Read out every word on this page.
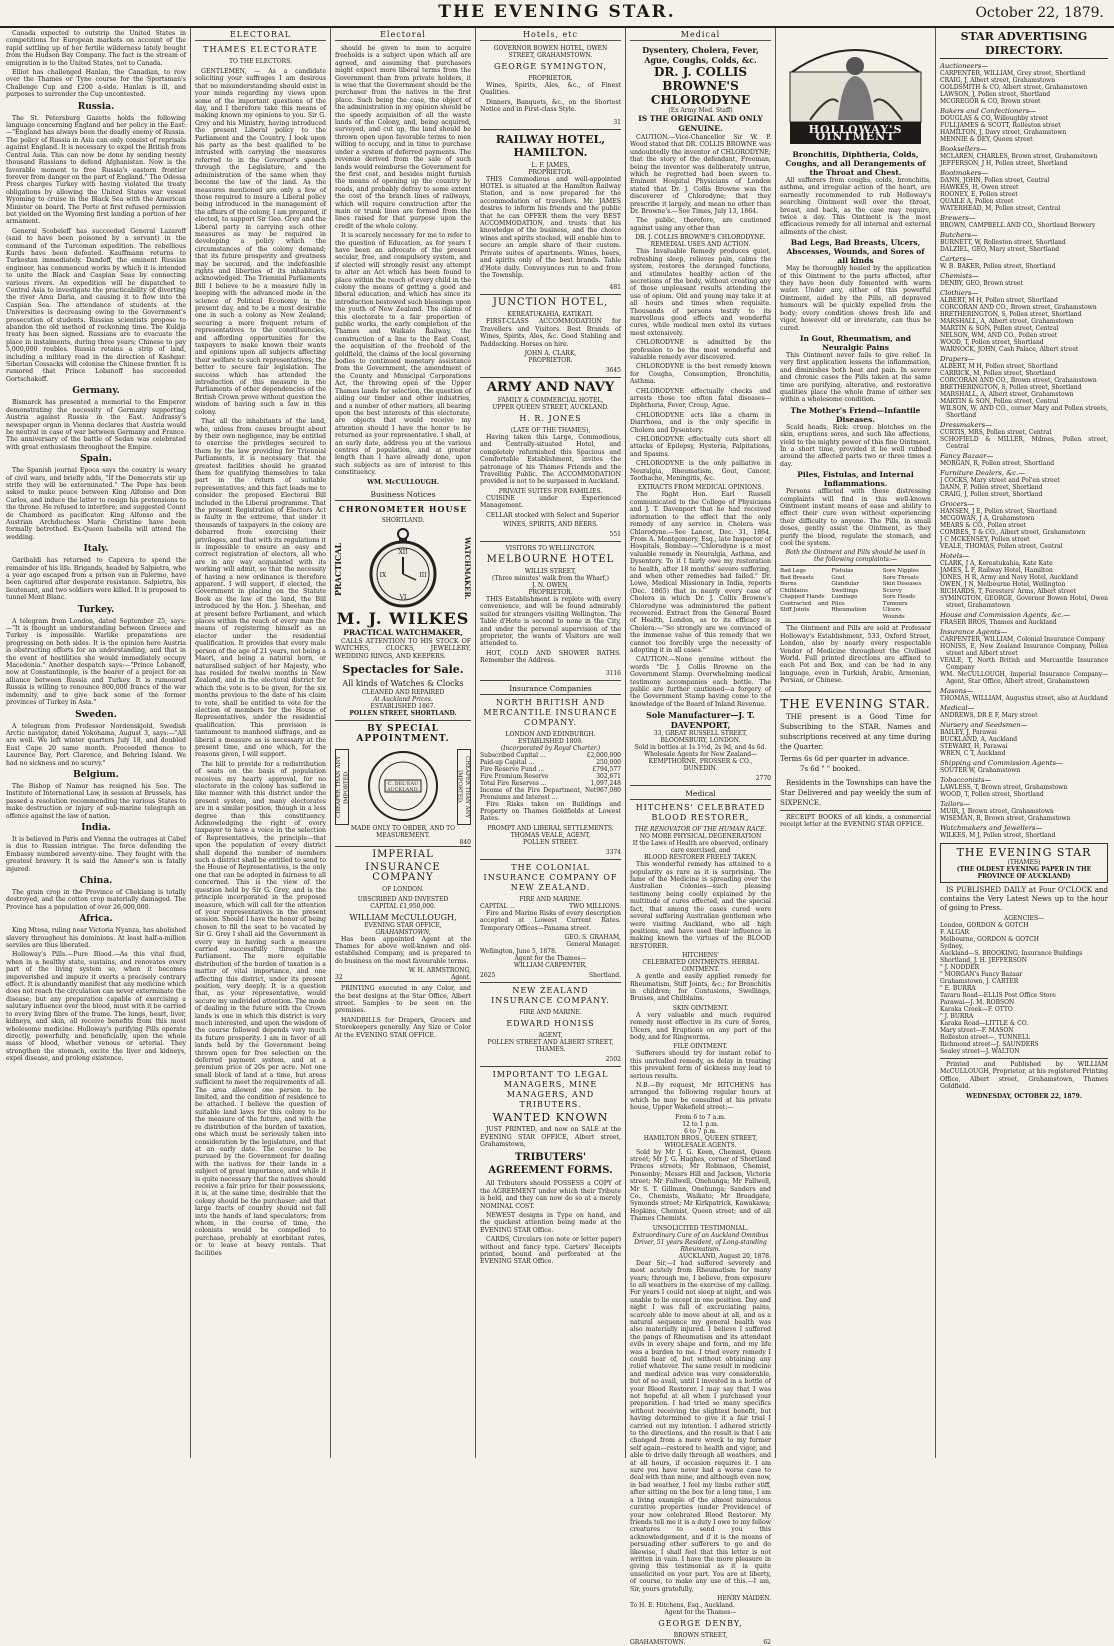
THE EVENING STAR.	October 22, 1879.

Canada expected to outstrip the United States in competitions for European markets on account of the rapid settling up of her fertile wilderness lately bought from the Hudson Bay Company. The fact is the stream of emigration is to the United States, not to Canada.

Elliot has challenged Hanlan, the Canadian, to row over the Thames or Tyne course for the Sportsman's Challenge Cup and £200 a-side. Hanlan is ill, and purposes to surrender the Cup uncontested.

Russia.

The St. Petersburg Gazette holds the following language concerning England and her policy in the East:—"England has always been the deadly enemy of Russia. The policy of Russia in Asia can only consist of reprisals against England. It is necessary to expel the British from Central Asia. This can now be done by sending twenty thousand Russians to defend Afghanistan. Now is the favorable moment to free Russia's eastern frontier forever from danger on the part of England." The Odessa Press charges Turkey with having violated the treaty obligations by allowing the United States war vessel Wyoming to cruise in the Black Sea with the American Minister on board. The Porte at first refused permission but yielded on the Wyoming first landing a portion of her armament.

General Scobeleff has succeeded General Lazareff (said to have been poisoned by a servant) in the command of the Turcoman expedition. The rebellious Kurds have been defeated. Kauffmann returns to Turkestan immediately. Dandeff, the eminent Russian engineer, has commenced works by which it is intended to unite the Black and Caspian Seas by connecting various rivers. An expedition will be dispatched to Central Asia to investigate the practicability of diverting the river Amu Daria, and causing it to flow into the Caspian Sea. The attendance of students at the Universities is decreasing owing to the Government's prosecution of students. Russian scientists propose to abandon the old method of reckoning time. The Kuldja treaty has been signed. Russians are to evacuate the place in instalments, during three years; Chinese to pay 5,000,000 roubles. Russia retains a strip of land, including a military road in the direction of Kashgar. Siberian Cossacks will colonise the Chinese frontier. It is rumored that Prince Lobanoff has succeeded Gortschakoff.

Germany.

Bismarck has presented a memorial to the Emperor demonstrating the necessity of Germany supporting Austria against Russia in the East. Andrassy's newspaper organ in Vienna declares that Austria would be neutral in case of war between Germany and France. The anniversary of the battle of Sedan was celebrated with great enthusiasm throughout the Empire.

Spain.

The Spanish journal Epoca says the country is weary of civil wars, and briefly adds, "If the Democrats stir up strife they will be exterminated." The Pope has been asked to make peace between King Alfonso and Don Carlos, and induce the latter to resign his pretensions to the throne. He refused to interfere; and suggested Count de Chambord as pacificator. King Alfonso and the Austrian Archduchess Marie Christine have been formally betrothed. Ex-Queen Isabella will attend the wedding.

Italy.

Garibaldi has returned to Caprera to spend the remainder of his life. Brigands, headed by Salpietra, who a year ago escaped from a prison van in Palermo, have been captured after desperate resistance. Salpietra, his lieutenant, and two soldiers were killed. It is proposed to tunnel Mont Blanc.

Turkey.

A telegram from London, dated September 25, says:—"It is thought an understanding between Greece and Turkey is impossible. Warlike preparations are progressing on both sides. It is the opinion here Austria is obstructing efforts for an understanding, and that in the event of hostilities she would immediately occupy Macedonia." Another despatch says:—"Prince Lobanoff, now at Constantinople, is the bearer of a project for an alliance between Russia and Turkey. It is rumoured Russia is willing to renounce 800,000 francs of the war indemnity, and to give back some of the former provinces of Turkey in Asia."

Sweden.

A telegram from Professor Nordenskjold, Swedish Arctic navigator, dated Yokohama, August 3, says:—"All are well. We left winter quarters July 18, and doubled East Cape 20 same month. Proceeded thence to Laurence Bay, Port Clarence, and Behring Island. We had no sickness and no scurvy."

Belgium.

The Bishop of Namur has resigned his See. The Institute of International Law, in session at Brussels, has passed a resolution recommending the various States to make destruction or injury of sub-marine telegraph an offence against the law of nation.

India.

It is believed in Paris and Vienna the outrages at Cabul is due to Russian intrigue. The force defending the Embassy numbered seventy-nine. They fought with the greatest bravery. It is said the Ameer's son is fatally injured.

China.

The grain crop in the Province of Chekiang is totally destroyed, and the cotton crop materially damaged. The Province has a population of over 26,000,000.

Africa.

King Mtesa, ruling near Victoria Nyanza, has abolished slavery throughout his dominions. At least half-a-million serviles are thus liberated.

Holloway's Pills.—Pure Blood.—As this vital fluid, when in a healthy state, sustains, and renovates every part of the living system so, when it becomes impoverished and impure it exerts a precisely contrary effect. It is abundantly manifest that any medicine which does not reach the circulation can never exterminate the disease; but any preparation capable of exercising a salutary influence over the blood, must with it be carried to every living fibre of the frame. The lungs, heart, liver, kidneys, and skin, all receive benefits from this most wholesome medicine. Holloway's purifying Pills operate directly, powerfully, and beneficially, upon the whole mass of blood, whether venous or arterial. They strengthen the stomach, excite the liver and kidneys, expel disease, and prolong existence.

ELECTORAL
THAMES ELECTORATE
TO THE ELECTORS.

GENTLEMEN, — As a candidate soliciting your suffrages I am desirous that no misunderstanding should exist in your minds regarding my views upon some of the important questions of the day, and I therefore take this means of making known my opinions to you. Sir G. Grey and his Ministry, having introduced the present Liberal policy to the Parliament and the Country, I look upon his party as the best qualified to be intrusted with carrying the measures referred to in the Governor's speech through the Legislature, and the administration of the same when they become the law of the land. As the measures mentioned are only a few of those required to insure a Liberal policy being introduced in the management of the affairs of the colony, I am prepared, if elected, to support Sir Geo. Grey and the Liberal party in carrying such other measures as may be required in developing a policy which the circumstances of the colony demand; that its future prosperity and greatness may be secured, and the indefeasible rights and liberties of its inhabitants acknowledged. The Triennial Parliaments Bill I believe to be a measure fully in keeping with the advanced mode in the science of Political Economy in the present day, and to be a most desirable one in such a colony as New Zealand; securing a more frequent return of representatives to the constituencies, and affording opportunities for the taxpayers to make known their wants and opinions upon all subjects affecting their welfare to such representatives; the better to secure fair legislation. The success which has attended the introduction of this measure in the Parliaments of other dependencies of the British Crown prove without question the wisdom of having such a law in this colony.

That all the inhabitants of the land, who, unless from causes brought about by their own negligence, may be entitled to exercise the privileges secured to them by the law providing for Triennial Parliaments, it is necessary that the greatest facilities should be granted them for qualifying themselves to take part in the return of suitable representatives; and this fact leads me to consider the proposed Electoral Bill included in the Liberal programme. That the present Registration of Electors Act is faulty in the extreme, that under it thousands of taxpayers in the colony are debarred from exercising their privileges, and that with its regulations it is impossible to ensure an easy and correct registration of electors, all who are in any way acquainted with its working will admit, so that the necessity of having a new ordinance is therefore apparent. I will support, if elected, the Government in placing on the Statute Book as the law of the land, the Bill introduced by the Hon. J. Sheehan, and at present before Parliament, and which places within the reach of every man the means of registering himself as an elector under the residential qualification. It provides that every male person of the age of 21 years, not being a Maori, and being a natural born, or naturalised subject of her Majesty, who has resided for twelve months in New Zealand, and in the electoral district for which the vote is to be given, for the six months previous to the date of his claim to vote, shall be entitled to vote for the election of members for the House of Representatives, under the residential qualification. This provision is tantamount to manhood suffrage, and as liberal a measure as is necessary at the present time, and one which, for the reasons given, I will support.

The bill to provide for a redistribution of seats on the basis of population receives my hearty approval, for no electorate in the colony has suffered in like manner with this district under the present system, and many electorates are in a similar position, though in a less degree than this constituency. Acknowledging the right of every taxpayer to have a voice in the selection of Representatives, the principle—that upon the population of every district shall depend the number of members such a district shall be entitled to send to the House of Representatives, is the only one that can be adopted in fairness to all concerned. This is the view of the question held by Sir G. Grey, and is the principle incorporated in the proposed measure, which will call for the attention of your representatives in the present session. Should I have the honor of being chosen to fill the seat to be vacated by Sir G. Grey I shall aid the Government in every way in having such a measure carried successfully through the Parliament. The more equitable distribution of the burden of taxation is a matter of vital importance, and one affecting this district, under its present position, very deeply. It is a question that, as your representative, would secure my undivided attention. The mode of dealing in the future with the Crown lands is one in which this district is very much interested, and upon the wisdom of the course followed depends very much its future prosperity. I am in favor of all lands held by the Government being thrown open for free selection on the deferred payment system, and at a premium price of 20s per acre. Not one small block of land at a time, but areas sufficient to meet the requirements of all. The area allowed one person to be limited, and the condition of residence to be attached. I believe the question of suitable land laws for this colony to be the measure of the future, and with the re distribution of the burden of taxation, one which must be seriously taken into consideration by the legislature, and that at an early date. The course to be pursued by the Government for dealing with the natives for their lands in a subject of great importance, and while it is quite necessary that the natives should receive a fair price for their possessions, it is, at the same time, desirable that the colony should be the purchaser; and that large tracts of country should not fall into the hands of land speculators; from whom, in the course of time, the colonists would be compelled to purchase, probably at exorbitant rates, or to lease at heavy rentals. That facilities

Electoral

should be given to men to acquire freeholds is a subject upon which all are agreed, and assuming that purchasers might expect more liberal terms from the Government than from private holders, it is wise that the Government should be the purchaser from the natives in the first place. Such being the case, the object of the administration in my opinion should be the speedy acquisition of all the waste lands of the Colony, and, being acquired, surveyed, and cut up, the land should be thrown open upon favorable terms to men willing to occupy, and in time to purchase under a system of deferred payments. The revenue derived from the sale of such lands would reimburse the Government for the first cost, and besides might furnish the means of opening up the country by roads, and probably defray to some extent the cost of the branch lines of railways, which will require construction after the main or trunk lines are formed from the lines raised for that purpose upon the credit of the whole colony.

It is scarcely necessary for me to refer to the question of Education, as for years I have been an advocate of the present secular, free, and compulsory system, and if elected will strongly resist any attempt to alter an Act which has been found to place within the reach of every child in the colony the means of getting a good and liberal education, and which has since its introduction bestowed such blessings upon the youth of New Zealand. The claims of this electorate to a fair proportion of public works, the early completion of the Thames and Waikato Railway, the construction of a line to the East Coast, the acquisition of the freehold of the goldfield, the claims of the local governing bodies to continued monetary assistance from the Government, the amendment of the County and Municipal Corporations Act, the throwing open of the Upper Thames lands for selection, the question of aiding our timber and other industries, and a number of other matters, all bearing upon the best interests of this electorate, are objects that would receive my attention should I have the honor to be returned as your representative. I shall, at an early date, address you at the various centres of population, and at greater length than I have already done, upon such subjects as are of interest to this constituency.

WM. McCULLOUGH.
Business Notices
CHRONOMETER HOUSE
SHORTLAND.
PRACTICAL	XII
III
VI
IX	WATCHMAKER.
M. J. WILKES
PRACTICAL WATCHMAKER,

CALLS ATTENTION TO HIS STOCK OF WATCHES, CLOCKS, JEWELLERY, WEDDING RINGS, AND KEEPERS.

Spectacles for Sale.
All kinds of Watches & Clocks
CLEANED AND REPAIRED
At Auckland Prices.
ESTABLISHED 1867.
POLLEN STREET, SHORTLAND.
BY SPECIAL APPOINTMENT.
CHEAPER THAN ANY IMPORTED.	C. DEL'EAU AUCKLAND.	CHEAPER THAN ANY IMPORTED.
MADE ONLY TO ORDER, AND TO MEASUREMENT.
840
IMPERIAL
INSURANCE COMPANY
OF LONDON.
UBSCRIBED AND INVESTED
CAPITAL £1,950,000.
WILLIAM McCULLOUGH,
EVENING STAR OFFICE,
GRAHAMSTOWN,

Has been appointed Agent at the Thames for above well-known and old-established Company, and is prepared to do business on the most favourable terms.

W. H. ARMSTRONG,
32	Agent.

PRINTING executed in any Color, and the best designs at the Star Office, Albert street. Samples to be seen on the premises.

HANDBILLS for Drapers, Grocers and Storekeepers generally. Any Size or Color At the EVENING STAR OFFICE.

Hotels, etc
GOVERNOR BOWEN HOTEL, OWEN STREET, GRAHAMSTOWN.
GEORGE SYMINGTON,
PROPRIETOR.

Wines, Spirits, Ales, &c., of Finest Qualities.

Dinners, Banquets, &c., on the Shortest Notice and in First-class Style.

31
RAILWAY HOTEL, HAMILTON.
L. F. JAMES,
PROPRIETOR.

THIS Commodious and well-appointed HOTEL is situated at the Hamilton Railway Station, and is now prepared for the accommodation of travellers. Mr. JAMES desires to inform his friends and the public that he can OFFER them the very BEST ACCOMMODATION, and trusts that his knowledge of the business, and the choice wines and spirits stocked, will enable him to secure an ample share of their custom. Private suites of apartments. Wines, beers, and spirits only of the best brands. Table d'Hote daily. Conveyances run to and from the Township.

481
JUNCTION HOTEL,
KEREATUKAHIA, KATIKATI.

FIRST-CLASS ACCOMMODATION for Travellers and Visitors. Best Brands of Wines, Spirits, Ales, &c. Good Stabling and Paddocking. Horses on hire.

JOHN A. CLARK,
PROPRIETOR.
3645
ARMY AND NAVY
FAMILY & COMMERCIAL HOTEL,
UPPER QUEEN STREET, AUCKLAND.
H. R. JONES
(LATE OF THE THAMES),

Having taken this Large, Commodious, and Centrally-situated Hotel, and completely refurnished this Spacious and Comfortable Establishment, invites the patronage of his Thames Friends and the Travelling Public. The ACCOMMODATION provided is not to be surpassed in Auckland.

PRIVATE SUITES FOR FAMILIES.

CUISINE under Experienced Management.

CELLAR stocked with Select and Superior

WINES, SPIRITS, AND BEERS.
551
VISITORS TO WELLINGTON.
MELBOURNE HOTEL
WILLIS STREET,
(Three minutes' walk from the Wharf,)
J. N. OWEN,
PROPRIETOR.

THIS Establishment is replete with every convenience, and will be found admirably suited for strangers visiting Wellington. The Table d'Hote is second to none in the City, and under the personal supervision of the proprietor, the wants of Visitors are well attended to.

HOT, COLD AND SHOWER BATHS. Remember the Address.

3116
Insurance Companies
NORTH BRITISH AND MERCANTILE INSURANCE COMPANY.
LONDON AND EDINBURGH.
ESTABLISHED 1809.
(Incorporated by Royal Charter.)
Subscribed Capital ...	£2,000,000
Paid-up Capital ...	250,000
Fire Reserve Fund ...	£794,577
Fire Premium Reserve	302,671
Total Fire Reserves ...	1,097,248
Income of the Fire Department, Net Premiums and Interest ...
967,080

Fire Risks taken on Buildings and Property on Thames Goldfields at Lowest Rates.

PROMPT AND LIBERAL SETTLEMENTS.
THOMAS VEALE, AGENT,
POLLEN STREET.
3374
THE COLONIAL INSURANCE COMPANY OF NEW ZEALAND.
FIRE AND MARINE.
CAPITAL ...	TWO MILLIONS.

Fire and Marine Risks of every description accepted at Lowest Current Rates. Temporary Offices—Panama street.

GEO. S. GRAHAM,
General Manager.
Wellington, June 5, 1878.
Agent for the Thames—
WILLIAM CARPENTER,
2625	Shortland.
NEW ZEALAND INSURANCE COMPANY.
FIRE AND MARINE.
EDWARD HONISS
AGENT,
POLLEN STREET AND ALBERT STREET, THAMES.
2502
IMPORTANT TO LEGAL MANAGERS, MINE MANAGERS, AND TRIBUTERS.
WANTED KNOWN

JUST PRINTED, and now on SALE at the EVENING STAR OFFICE, Albert street, Grahamstown,

TRIBUTERS' AGREEMENT FORMS.

All Tributers should POSSESS a COPY of the AGREEMENT under which their Tribute is held, and they can now do so at a merely NOMINAL COST.

NEWEST designs in Type on hand, and the quickest attention being made at the EVENING STAR Office.

CARDS, Circulars (on note or letter paper) without and fancy type. Carters' Receipts printed, bound and perforated at the EVENING STAR Office.

Medical
Dysentery, Cholera, Fever, Ague, Coughs, Colds, &c.
DR. J. COLLIS BROWNE'S CHLORODYNE
(Ex Army Med. Staff)
IS THE ORIGINAL AND ONLY GENUINE.

CAUTION.—Vice-Chancellor Sir W. P. Wood stated that DR. COLLIS BROWNE was undoubtedly the inventor of CHLORODYNE; that the story of the defendant, Freeman, being the inventor was deliberately untrue, which he regretted had been sworn to. Eminent Hospital Physicians of London stated that Dr. J. Collis Browne was the discoverer of Chlorodyne; that they prescribe it largely, and mean no other than Dr. Browne's.—See Times, July 13, 1864.

The public, therefore, are cautioned against using any other than

DR. J. COLLIS BROWNE'S CHLORODYNE.
REMEDIAL USES AND ACTION.

This Invaluable Remedy produces quiet, refreshing sleep, relieves pain, calms the system, restores the deranged functions, and stimulates healthy action of the secretions of the body, without creating any of those unpleasant results attending the use of opium. Old and young may take it at all hours and times when requisite. Thousands of persons testify to its marvellous good effects and wonderful cures, while medical men extol its virtues most extensively.

CHLORODYNE is admitted by the profession to be the most wonderful and valuable remedy ever discovered.

CHLORODYNE is the best remedy known for Coughs, Consumption, Bronchitis, Asthma.

CHLORODYNE effectually checks and arrests those too often fatal diseases—Diphtheria, Fever, Croup, Ague.

CHLORODYNE acts like a charm in Diarrhoea, and is the only specific in Cholera and Dysentery.

CHLORODYNE effectually cuts short all attacks of Epilepsy, Hysteria, Palpitations, and Spasms.

CHLORODYNE is the only palliative in Neuralgia, Rheumatism, Gout, Cancer, Toothache, Meningitis, &c.

EXTRACTS FROM MEDICAL OPINIONS.

The Right Hon. Earl Russell communicated to the College of Physicians and J. T. Davenport that he had received information to the effect that the only remedy of any service in Cholera was Chlorodyne.—See Lancet, Dec. 31, 1864. From A. Montgomery, Esq., late Inspector of Hospitals, Bombay:—"Chlorodyne is a most valuable remedy in Neuralgia, Asthma, and Dysentery. To it I fairly owe my restoration to health, after 18 months' severe suffering, and when other remedies had failed." Dr. Lowe, Medical Missionary in India, reports (Dec. 1865) that in nearly every case of Cholera in which Dr. J. Collis Browne's Chlorodyne was administered the patient recovered. Extract from the General Board of Health, London, as to its efficacy in Cholera:—"So strongly are we convinced of the immense value of this remedy that we cannot too forcibly urge the necessity of adopting it in all cases."

CAUTION.—None genuine without the words "Dr. J. Collis Browne on the Government Stamp. Overwhelming medical testimony accompanies each bottle. The public are further cautioned—a forgery of the Government Stamp having come to the knowledge of the Board of Inland Revenue.

Sole Manufacturer—J. T. DAVENPORT,
33, GREAT RUSSELL STREET, BLOOMSBURY, LONDON.
Sold in bottles at 1s 1½d, 2s 9d, and 4s 6d.
Wholesale Agents for New Zealand—KEMPTHORNE, PROSSER & CO.,
DUNEDIN.
2770
Medical
HITCHENS' CELEBRATED BLOOD RESTORER,
THE RENOVATOR OF THE HUMAN RACE.
NO MORE PHYSICAL DEGENERATION
If the Laws of Health are observed, ordinary care exercised, and
BLOOD RESTORER FREELY TAKEN.

This wonderful remedy has attained to a popularity as rare as it is surprising. The fame of the Medicine is spreading over the Australian Colonies—such pleasing testimony being coolly explained by the multitude of cures effected, and the special fact, that among the cases cured were several suffering Australian gentlemen who were visiting Auckland, who all high positions, and have used their influence in making known the virtues of the BLOOD RESTORER.

HITCHENS'
CELEBRATED OINTMENTS. HERBAL OINTMENT.

A gentle and easily applied remedy for Rheumatism, Stiff Joints, &c.; for Bronchitis in children; for Contusions, Swellings, Bruises, and Chilblains.

SKIN OINTMENT.

A very valuable and much required remedy most effective in its cure of Sores, Ulcers, and Eruptions on any part of the body, and for Ringworms.

FILE OINTMENT.

Sufferers should try for instant relief to this unrivalled remedy, as delay in treating this prevalent form of sickness may lead to serious results.

N.B.—By request, Mr HITCHENS has arranged the following regular hours at which he may be consulted at his private house, Upper Wakefield street:—

From 6 to 7 a.m.
12 to 1 p.m.
6 to 7 p.m.
HAMILTON BROS., QUEEN STREET,
WHOLESALE AGENTS.

Sold by Mr J. G. Keen, Chemist, Queen street; Mr J. G. Hughes, corner of Shortland Princes streets; Mr Robinson, Chemist, Ponsonby; Messrs Hill and Jackson, Victoria street; Mr Fallwell, Onehunga; Mr Fallwell, Mr S. T. Gillman, Onehunga; Sanders and Co., Chemists, Waikato; Mr Broadgate, Symonds street; Mr Kirkpatrick, Kawakawa; Hopkins, Chemist, Queen street; and of all Thames Chemists.

UNSOLICITED TESTIMONIAL.
Extraordinary Cure of an Auckland Omnibus Driver, 51 years Resident, of Long-standing Rheumatism.
AUCKLAND, August 20, 1878.

Dear Sir,—I had suffered severely and most acutely from Rheumatism for many years; through me, I believe, from exposure to all weathers in the exercise of my calling. For years I could not sleep at night, and was unable to lie except in one position. Day and night I was full of excruciating pains, scarcely able to move about at all, and as a natural sequence my general health was also materially injured. I believe I suffered the pangs of Rheumatism and its attendant evils in every shape and form, and my life was a burden to me. I tried every remedy I could hear of, but without obtaining any relief whatever. The same result in medicine and medical advice was very considerable, but of no avail, until I invested in a bottle of your Blood Restorer. I may say that I was not hopeful at all when I purchased your preparation. I had tried so many specifics without receiving the slightest benefit, but having determined to give it a fair trial I carried out my intention. I adhered strictly to the directions, and the result is that I am changed from a mere wreck to my former self again—restored to health and vigor, and able to drive daily through all weathers, and at all hours, if occasion requires it. I am sure you have never had a worse case to deal with than mine, and although even now, in bad weather, I feel my limbs rather stiff, after sitting on the box for a long time, I am a living example of the almost miraculous curative properties (under Providence) of your now celebrated Blood Restorer. My friends tell me it is a duty I owe to my fellow creatures to send you this acknowledgement, and if it is the means of persuading other sufferers to go and do likewise, I shall feel that this letter is not written in vain. I have the more pleasure in giving this testimonial as it is quite unsolicited on your part. You are at liberty, of course, to make any use of this.—I am, Sir, yours gratefully,

HENRY MAIDEN.
To H. E. Hitchens, Esq., Auckland.
Agent for the Thames—
GEORGE DENBY,
BROWN STREET,
GRAHAMSTOWN.	62
HOLLOWAY'S OINTMENT
Bronchitis, Diphtheria, Colds, Coughs, and all Derangements of the Throat and Chest.

All sufferers from coughs, colds, bronchitis, asthma, and irregular action of the heart, are earnestly recommended to rub Holloway's searching Ointment well over the throat, breast, and back, as the case may require, twice a day. This Ointment is the most efficacious remedy for all internal and external ailments of the chest.

Bad Legs, Bad Breasts, Ulcers, Abscesses, Wounds, and Sores of all kinds

May be thoroughly healed by the application of this Ointment to the parts affected, after they have been duly fomented with warm water. Under any, either of this powerful Ointment, aided by the Pills, all depraved humours will be quickly expelled from the body; every condition shows fresh life and vigor, however old or inveterate, can thus be cured.

In Gout, Rheumatism, and Neuralgic Pains

This Ointment never fails to give relief. In very first application lessens the inflammation, and diminishes both heat and pain. In severe and chronic cases the Pills taken at the same time are purifying, alterative, and restorative qualities place the whole frame of either sex within a wholesome condition.

The Mother's Friend—Infantile Diseases.

Scald heads, Rick: croup. blotches on the skin, eruptions sores, and such like affections, yield to the mighty power of this fine Ointment. In a short time, provided it be well rubbed around the affected parts two or three times a day.

Piles, Fistulas, and Internal Inflammations.

Persons afflicted with these distressing complaints will find in this well-known Ointment instant means of ease and ability to effect their cure even without experiencing their difficulty to anyone. The Pills, in small doses, gently assist the Ointment, as they purify the blood, regulate the stomach, and cool the system.

Both the Ointment and Pills should be used in the following complaints:—
Bad Legs
Bad Breasts
Burns
Chilblains
Chapped Hands
Contracted and Stiff Joints
Fistulas
Gout
Glandular Swellings
Lumbago
Piles
Rheumatism
Sore Nipples
Sore Throats
Skin Diseases
Scurvy
Sore Heads
Tumours
Ulcers
Wounds

The Ointment and Pills are sold at Professor Holloway's Establishment, 533, Oxford Street, London, also by nearly every respectable Vendor of Medicine throughout the Civilised World. Full printed directions are affixed to each Pot and Box, and can be had in any language, even in Turkish, Arabic, Armenian, Persian, or Chinese.

THE EVENING STAR.

THE present is a Good Time for Subscribing to the STAR. Names and subscriptions received at any time during the Quarter.

Terms 6s 6d per quarter in advance.
7s 6d " " booked.

Residents in the Townships can have the Star Delivered and pay weekly the sum of SIXPENCE.

RECEIPT BOOKS of all kinds, a commercial receipt letter at the EVENING STAR OFFICE.

STAR ADVERTISING DIRECTORY.
Auctioneers—
CARPENTER, WILLIAM, Grey street, Shortland
CRAIG, J, Albert street, Grahamstown
GOLDSMITH & CO, Albert street, Grahamstown
LAWSON, J, Pollen street, Shortland
MCGREGOR & CO, Brown street
Bakers and Confectioners—
DOUGLAS & CO, Willoughby street
FULLJAMES & SCOTT, Rolleston street
HAMILTON, J, Davy street, Grahamstown
MENNIE & DEY, Queen street
Booksellers—
MCLAREN, CHARLES, Brown street, Grahamstown
JEFFERSON, J H, Pollen street, Shortland
Bootmakers—
DANN, JOHN, Pollen street, Central
HAWKES, H, Owen street
ROONEY, E, Pollen street
QUAILE A, Pollen street
WATERHEAD, M, Pollen street, Central
Brewers—
BROWN, CAMPBELL AND CO., Shortland Brewery
Butchers—
BURNETT, W, Rolleston street, Shortland
DALZIEL, GEO, Mary street, Shortland
Carters—
W. B. BAKER, Pollen street, Shortland
Chemists—
DENBY, GEO, Brown street
Clothiers—
ALBERT, M H, Pollen street, Shortland
CORCORAN AND CO., Brown street, Grahamstown
BRETHERINGTON, S, Pollen street, Shortland
MARSHALL, A, Albert street, Grahamstown
MARTIN & SON, Pollen street, Central
NELSON, WM, AND CO., Pollen street
WOOD, T, Pollen street, Shortland
WARNOCK, JOHN, Cash Palace, Albert street
Drapers—
ALBERT, M H, Pollen street, Shortland
CARRICK, M, Pollen street, Shortland
CORCORAN AND CO., Brown street, Grahamstown
BRETHERINGTON, S, Pollen street, Shortland
MARSHALL, A, Albert street, Grahamstown
MARTIN & SON, Pollen street, Central
WILSON, W, AND CO., corner Mary and Pollen streets, Shortland
Dressmakers—
CURTIS, MRS, Pollen street, Central
SCHOFIELD & MILLER, Mdmes, Pollen street, Central
Fancy Bazaar—
MORGAN, R, Pollen street, Shortland
Furniture Dealers, &c.—
J COCKS, Mary street and Pol'en street
DANN, F, Pollen street, Shortland
CRAIG, J, Pollen street, Shortland
Grocers—
HANSEN, J E, Pollen street, Shortland
MCGOWAN, J A, Grahamstown
MEARS & CO., Pollen street
COMBES, T & CO., Albert street, Grahamstown
J C MCKENSEY, Pollen street
VEALE, THOMAS, Pollen street, Central
Hotels—
CLARK, J A, Kereatukahia, Kate Kate
JAMES, L F, Railway Hotel, Hamilton
JONES, H R, Army and Navy Hotel, Auckland
OWEN, J N, Melbourne Hotel, Wellington
RICHARDS, T, Foresters' Arms, Albert street
SYMINGTON, GEORGE, Governor Bowen Hotel, Owen street, Grahamstown
House and Commission Agents, &c.—
FRASER BROS, Thames and Auckland
Insurance Agents—
CARPENTER, WILLIAM, Colonial Insurance Company
HONISS, E, New Zealand Insurance Company, Pollen street and Albert street
VEALE, T, North British and Mercantile Insurance Company
WM. McCULLOUGH, Imperial Insurance Company—Agent, Star Office, Albert street, Grahamstown
Masons—
THOMAS, WILLIAM, Augustus street, also at Auckland
Medical—
ANDREWS, DR E F, Mary street
Nursery and Seedsmen—
BAILEY, J, Parawai
BUCKLAND, A, Auckland
STEWART, H, Parawai
WREN, C T, Auckland
Shipping and Commission Agents—
SOUTER W, Grahamstown
Tobacconists—
LAWLESS, T, Brown street, Grahamstown
WOOD, T, Pollen street, Shortland
Tailors—
MUIR, J, Brown street, Grahamstown
WISEMAN, R, Brown street, Grahamstown
Watchmakers and Jewellers—
WILKES, M J, Pollen street, Shortland
THE EVENING STAR
(THAMES)
(THE OLDEST EVENING PAPER IN THE PROVINCE OF AUCKLAND)

IS PUBLISHED DAILY at Four O'CLOCK and contains the Very Latest News up to the hour of going to Press.

AGENCIES—
London, GORDON & GOTCH
F. ALGAR
Melbourne, GORDON & GOTCH
Sydney,
Auckland—S. BROOKING, Insurance Buildings
Shortland, J. H. JEFFERSON
" J. NODDER
" MORGAN's Fancy Bazaar
Grahamstown, J. CARTER
" E. BURRA
Tararu Road—ELLIS Post Office Store
Parawai—J. M. ROBSON
Karaka Creek—F. OTTO
" J. BURRA
Karaka Road—LITTLE & CO.
Mary street—F. MASON
Rolleston street—, TUNNELL
Richmond street—J. SAUNDERS
Sealey street—J. WALTON

Printed and Published by WILLIAM McCULLOUGH, Proprietor, at his registered Printing Office, Albert street, Grahamstown, Thames Goldfield.

WEDNESDAY, OCTOBER 22, 1879.
